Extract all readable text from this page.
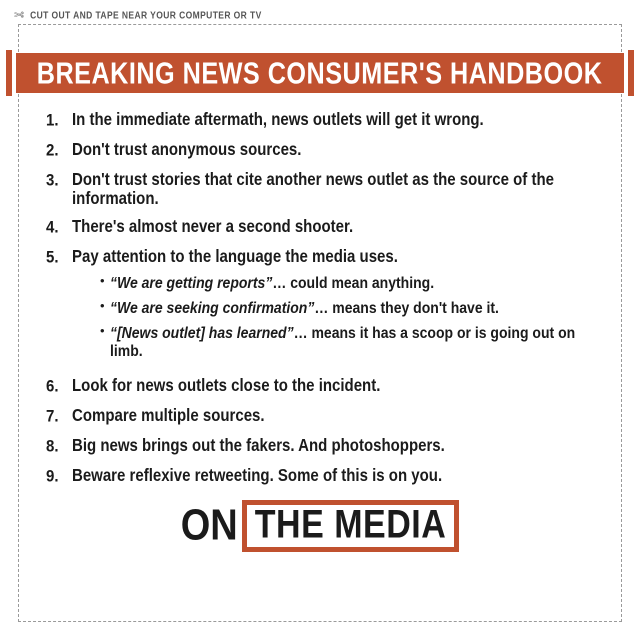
✄ CUT OUT AND TAPE NEAR YOUR COMPUTER OR TV
BREAKING NEWS CONSUMER'S HANDBOOK
1. In the immediate aftermath, news outlets will get it wrong.
2. Don't trust anonymous sources.
3. Don't trust stories that cite another news outlet as the source of the information.
4. There's almost never a second shooter.
5. Pay attention to the language the media uses.
• “We are getting reports”… could mean anything.
• “We are seeking confirmation”… means they don't have it.
• “[News outlet] has learned”… means it has a scoop or is going out on limb.
6. Look for news outlets close to the incident.
7. Compare multiple sources.
8. Big news brings out the fakers. And photoshoppers.
9. Beware reflexive retweeting. Some of this is on you.
ON THE MEDIA
